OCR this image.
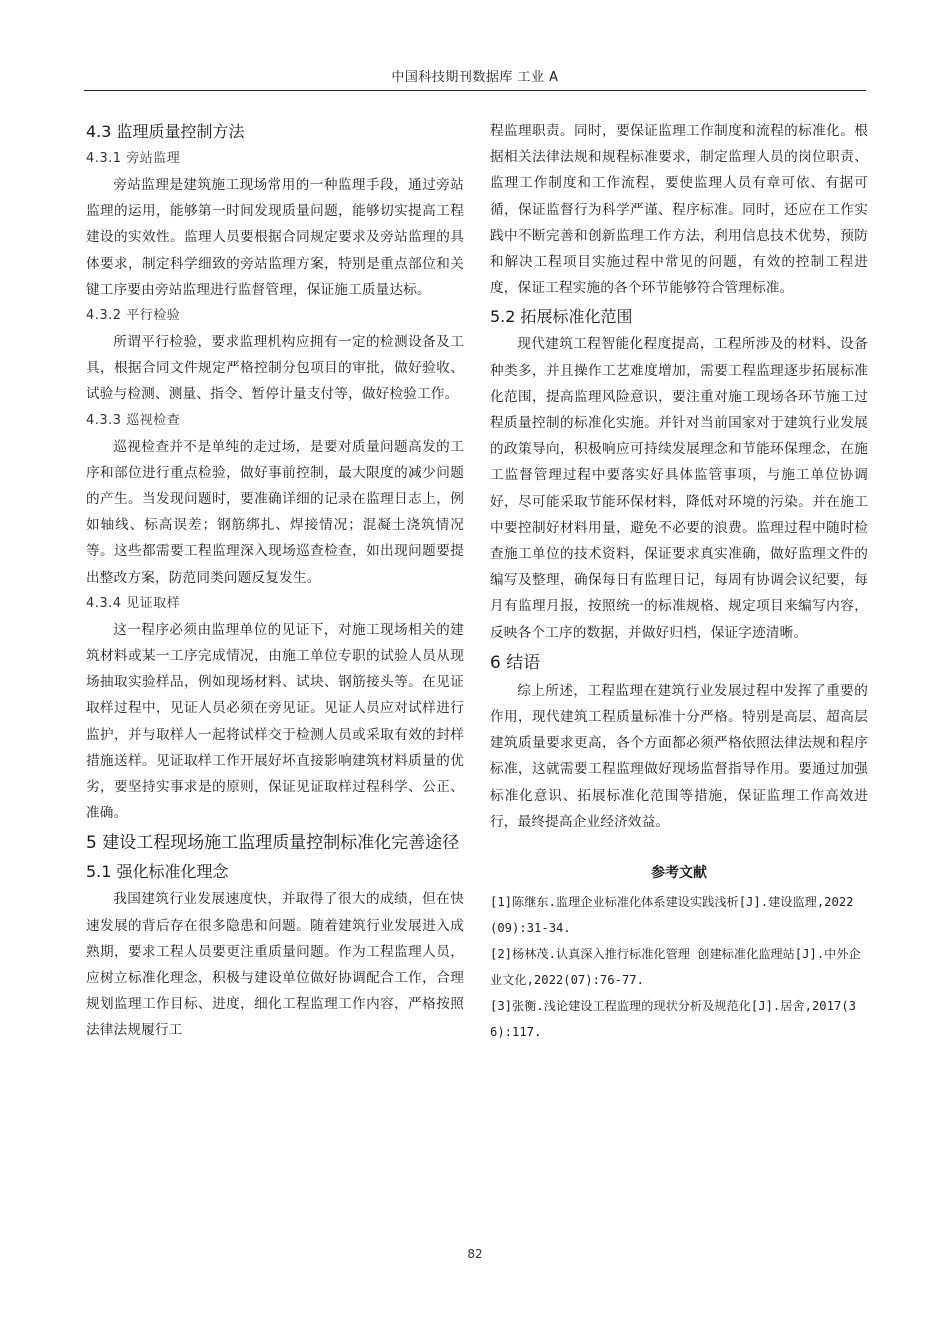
中国科技期刊数据库 工业 A
4.3 监理质量控制方法
4.3.1 旁站监理

旁站监理是建筑施工现场常用的一种监理手段，通过旁站监理的运用，能够第一时间发现质量问题，能够切实提高工程建设的实效性。监理人员要根据合同规定要求及旁站监理的具体要求，制定科学细致的旁站监理方案，特别是重点部位和关键工序要由旁站监理进行监督管理，保证施工质量达标。

4.3.2 平行检验

所谓平行检验，要求监理机构应拥有一定的检测设备及工具，根据合同文件规定严格控制分包项目的审批，做好验收、试验与检测、测量、指令、暂停计量支付等，做好检验工作。

4.3.3 巡视检查

巡视检查并不是单纯的走过场，是要对质量问题高发的工序和部位进行重点检验，做好事前控制，最大限度的减少问题的产生。当发现问题时，要准确详细的记录在监理日志上，例如轴线、标高误差；钢筋绑扎、焊接情况；混凝土浇筑情况等。这些都需要工程监理深入现场巡查检查，如出现问题要提出整改方案，防范同类问题反复发生。

4.3.4 见证取样

这一程序必须由监理单位的见证下，对施工现场相关的建筑材料或某一工序完成情况，由施工单位专职的试验人员从现场抽取实验样品，例如现场材料、试块、钢筋接头等。在见证取样过程中，见证人员必须在旁见证。见证人员应对试样进行监护，并与取样人一起将试样交于检测人员或采取有效的封样措施送样。见证取样工作开展好坏直接影响建筑材料质量的优劣，要坚持实事求是的原则，保证见证取样过程科学、公正、准确。

5 建设工程现场施工监理质量控制标准化完善途径
5.1 强化标准化理念

我国建筑行业发展速度快，并取得了很大的成绩，但在快速发展的背后存在很多隐患和问题。随着建筑行业发展进入成熟期，要求工程人员要更注重质量问题。作为工程监理人员，应树立标准化理念，积极与建设单位做好协调配合工作，合理规划监理工作目标、进度，细化工程监理工作内容，严格按照法律法规履行工

程监理职责。同时，要保证监理工作制度和流程的标准化。根据相关法律法规和规程标准要求，制定监理人员的岗位职责、监理工作制度和工作流程，要使监理人员有章可依、有据可循，保证监督行为科学严谨、程序标准。同时，还应在工作实践中不断完善和创新监理工作方法，利用信息技术优势，预防和解决工程项目实施过程中常见的问题，有效的控制工程进度，保证工程实施的各个环节能够符合管理标准。

5.2 拓展标准化范围

现代建筑工程智能化程度提高，工程所涉及的材料、设备种类多，并且操作工艺难度增加，需要工程监理逐步拓展标准化范围，提高监理风险意识，要注重对施工现场各环节施工过程质量控制的标准化实施。并针对当前国家对于建筑行业发展的政策导向，积极响应可持续发展理念和节能环保理念，在施工监督管理过程中要落实好具体监管事项，与施工单位协调好，尽可能采取节能环保材料，降低对环境的污染。并在施工中要控制好材料用量，避免不必要的浪费。监理过程中随时检查施工单位的技术资料，保证要求真实准确，做好监理文件的编写及整理，确保每日有监理日记，每周有协调会议纪要，每月有监理月报，按照统一的标准规格、规定项目来编写内容，反映各个工序的数据，并做好归档，保证字迹清晰。

6 结语

综上所述，工程监理在建筑行业发展过程中发挥了重要的作用，现代建筑工程质量标准十分严格。特别是高层、超高层建筑质量要求更高，各个方面都必须严格依照法律法规和程序标准，这就需要工程监理做好现场监督指导作用。要通过加强标准化意识、拓展标准化范围等措施，保证监理工作高效进行，最终提高企业经济效益。

参考文献

[1]陈继东.监理企业标准化体系建设实践浅析[J].建设监理,2022(09):31-34.

[2]杨林茂.认真深入推行标准化管理 创建标准化监理站[J].中外企业文化,2022(07):76-77.

[3]张衡.浅论建设工程监理的现状分析及规范化[J].居舍,2017(36):117.

82
